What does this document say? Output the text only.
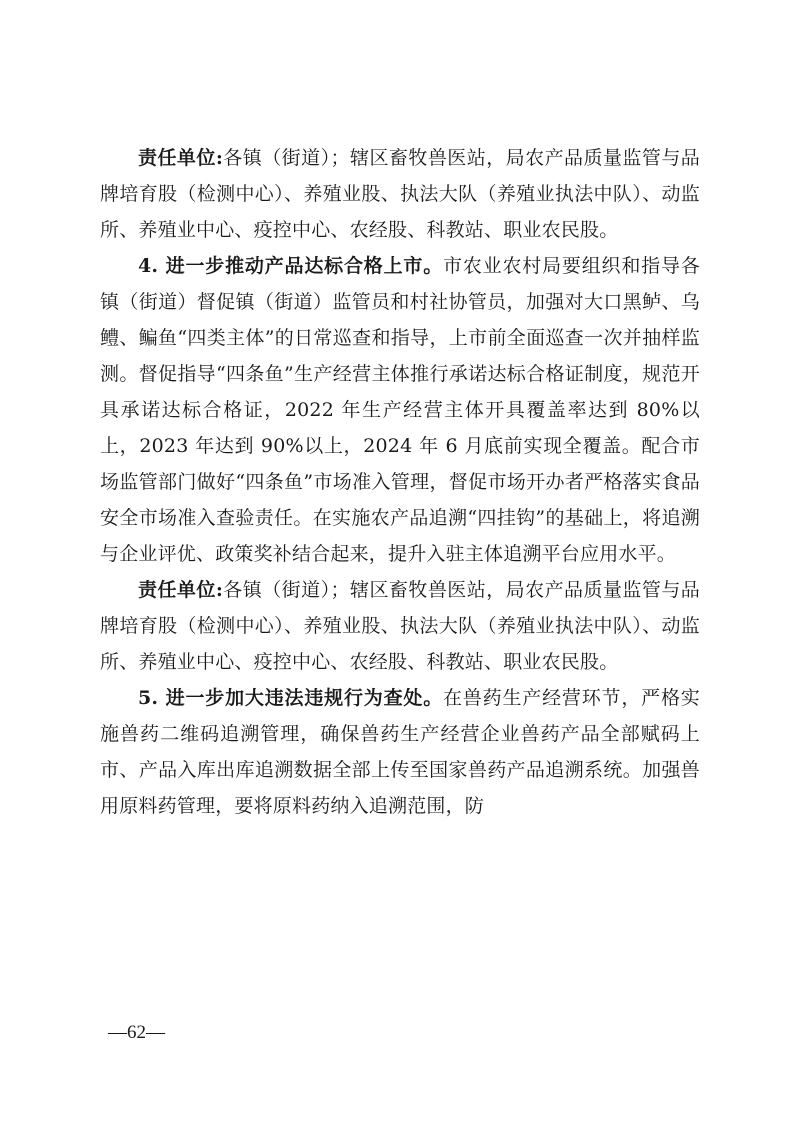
责任单位:各镇（街道）；辖区畜牧兽医站，局农产品质量监管与品牌培育股（检测中心）、养殖业股、执法大队（养殖业执法中队）、动监所、养殖业中心、疫控中心、农经股、科教站、职业农民股。

4. 进一步推动产品达标合格上市。市农业农村局要组织和指导各镇（街道）督促镇（街道）监管员和村社协管员，加强对大口黑鲈、乌鳢、鳊鱼“四类主体”的日常巡查和指导，上市前全面巡查一次并抽样监测。督促指导“四条鱼”生产经营主体推行承诺达标合格证制度，规范开具承诺达标合格证，2022 年生产经营主体开具覆盖率达到 80%以上，2023 年达到 90%以上，2024 年 6 月底前实现全覆盖。配合市场监管部门做好“四条鱼”市场准入管理，督促市场开办者严格落实食品安全市场准入查验责任。在实施农产品追溯“四挂钩”的基础上，将追溯与企业评优、政策奖补结合起来，提升入驻主体追溯平台应用水平。

责任单位:各镇（街道）；辖区畜牧兽医站，局农产品质量监管与品牌培育股（检测中心）、养殖业股、执法大队（养殖业执法中队）、动监所、养殖业中心、疫控中心、农经股、科教站、职业农民股。

5. 进一步加大违法违规行为查处。在兽药生产经营环节，严格实施兽药二维码追溯管理，确保兽药生产经营企业兽药产品全部赋码上市、产品入库出库追溯数据全部上传至国家兽药产品追溯系统。加强兽用原料药管理，要将原料药纳入追溯范围，防

—62—
